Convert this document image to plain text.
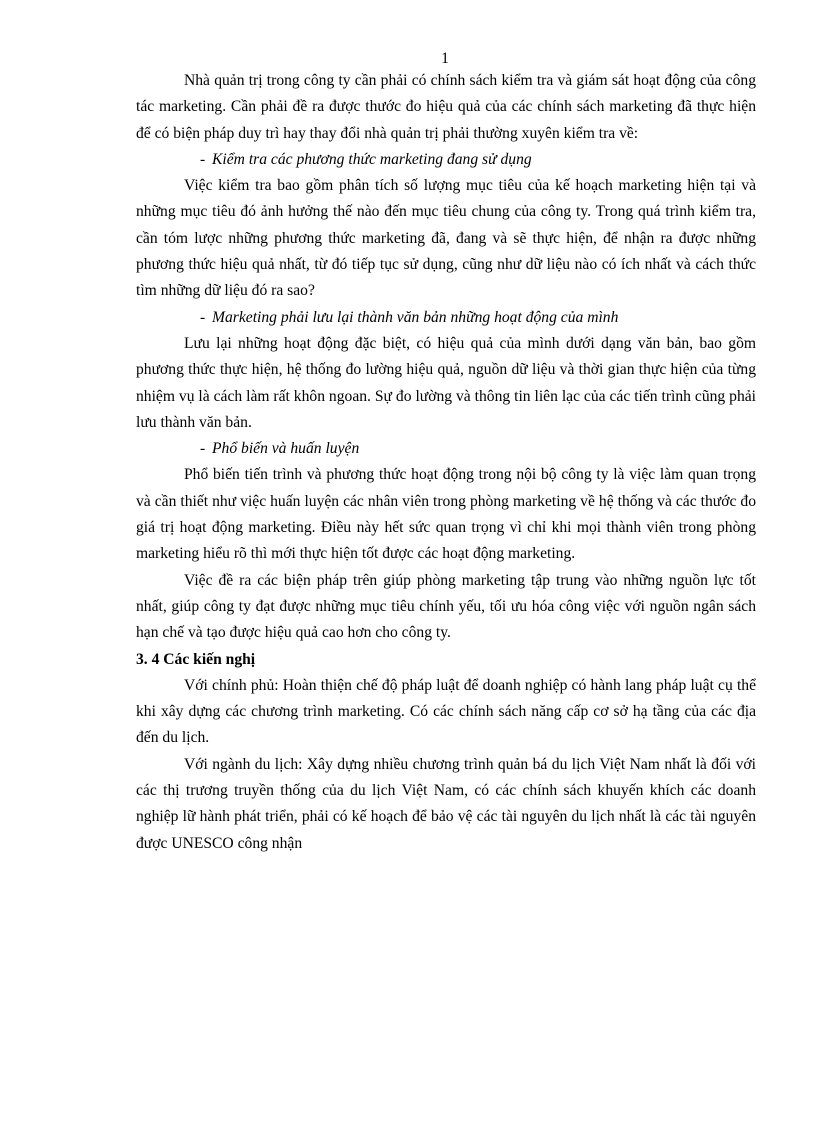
1

Nhà quản trị trong công ty cần phải có chính sách kiểm tra và giám sát hoạt động của công tác marketing. Cần phải đề ra được thước đo hiệu quả của các chính sách marketing đã thực hiện để có biện pháp duy trì hay thay đổi nhà quản trị phải thường xuyên kiểm tra về:

- Kiểm tra các phương thức marketing đang sử dụng

Việc kiểm tra bao gồm phân tích số lượng mục tiêu của kế hoạch marketing hiện tại và những mục tiêu đó ảnh hưởng thế nào đến mục tiêu chung của công ty. Trong quá trình kiểm tra, cần tóm lược những phương thức marketing đã, đang và sẽ thực hiện, để nhận ra được những phương thức hiệu quả nhất, từ đó tiếp tục sử dụng, cũng như dữ liệu nào có ích nhất và cách thức tìm những dữ liệu đó ra sao?

- Marketing phải lưu lại thành văn bản những hoạt động của mình

Lưu lại những hoạt động đặc biệt, có hiệu quả của mình dưới dạng văn bản, bao gồm phương thức thực hiện, hệ thống đo lường hiệu quả, nguồn dữ liệu và thời gian thực hiện của từng nhiệm vụ là cách làm rất khôn ngoan. Sự đo lường và thông tin liên lạc của các tiến trình cũng phải lưu thành văn bản.

- Phổ biến và huấn luyện

Phổ biến tiến trình và phương thức hoạt động trong nội bộ công ty là việc làm quan trọng và cần thiết như việc huấn luyện các nhân viên trong phòng marketing về hệ thống và các thước đo giá trị hoạt động marketing. Điều này hết sức quan trọng vì chỉ khi mọi thành viên trong phòng marketing hiểu rõ thì mới thực hiện tốt được các hoạt động marketing.

Việc đề ra các biện pháp trên giúp phòng marketing tập trung vào những nguồn lực tốt nhất, giúp công ty đạt được những mục tiêu chính yếu, tối ưu hóa công việc với nguồn ngân sách hạn chế và tạo được hiệu quả cao hơn cho công ty.

3. 4 Các kiến nghị

Với chính phủ: Hoàn thiện chế độ pháp luật để doanh nghiệp có hành lang pháp luật cụ thể khi xây dựng các chương trình marketing. Có các chính sách năng cấp cơ sở hạ tầng của các địa đến du lịch.

Với ngành du lịch: Xây dựng nhiều chương trình quản bá du lịch Việt Nam nhất là đối với các thị trương truyền thống của du lịch Việt Nam, có các chính sách khuyến khích các doanh nghiệp lữ hành phát triển, phải có kế hoạch để bảo vệ các tài nguyên du lịch nhất là các tài nguyên được UNESCO công nhận
